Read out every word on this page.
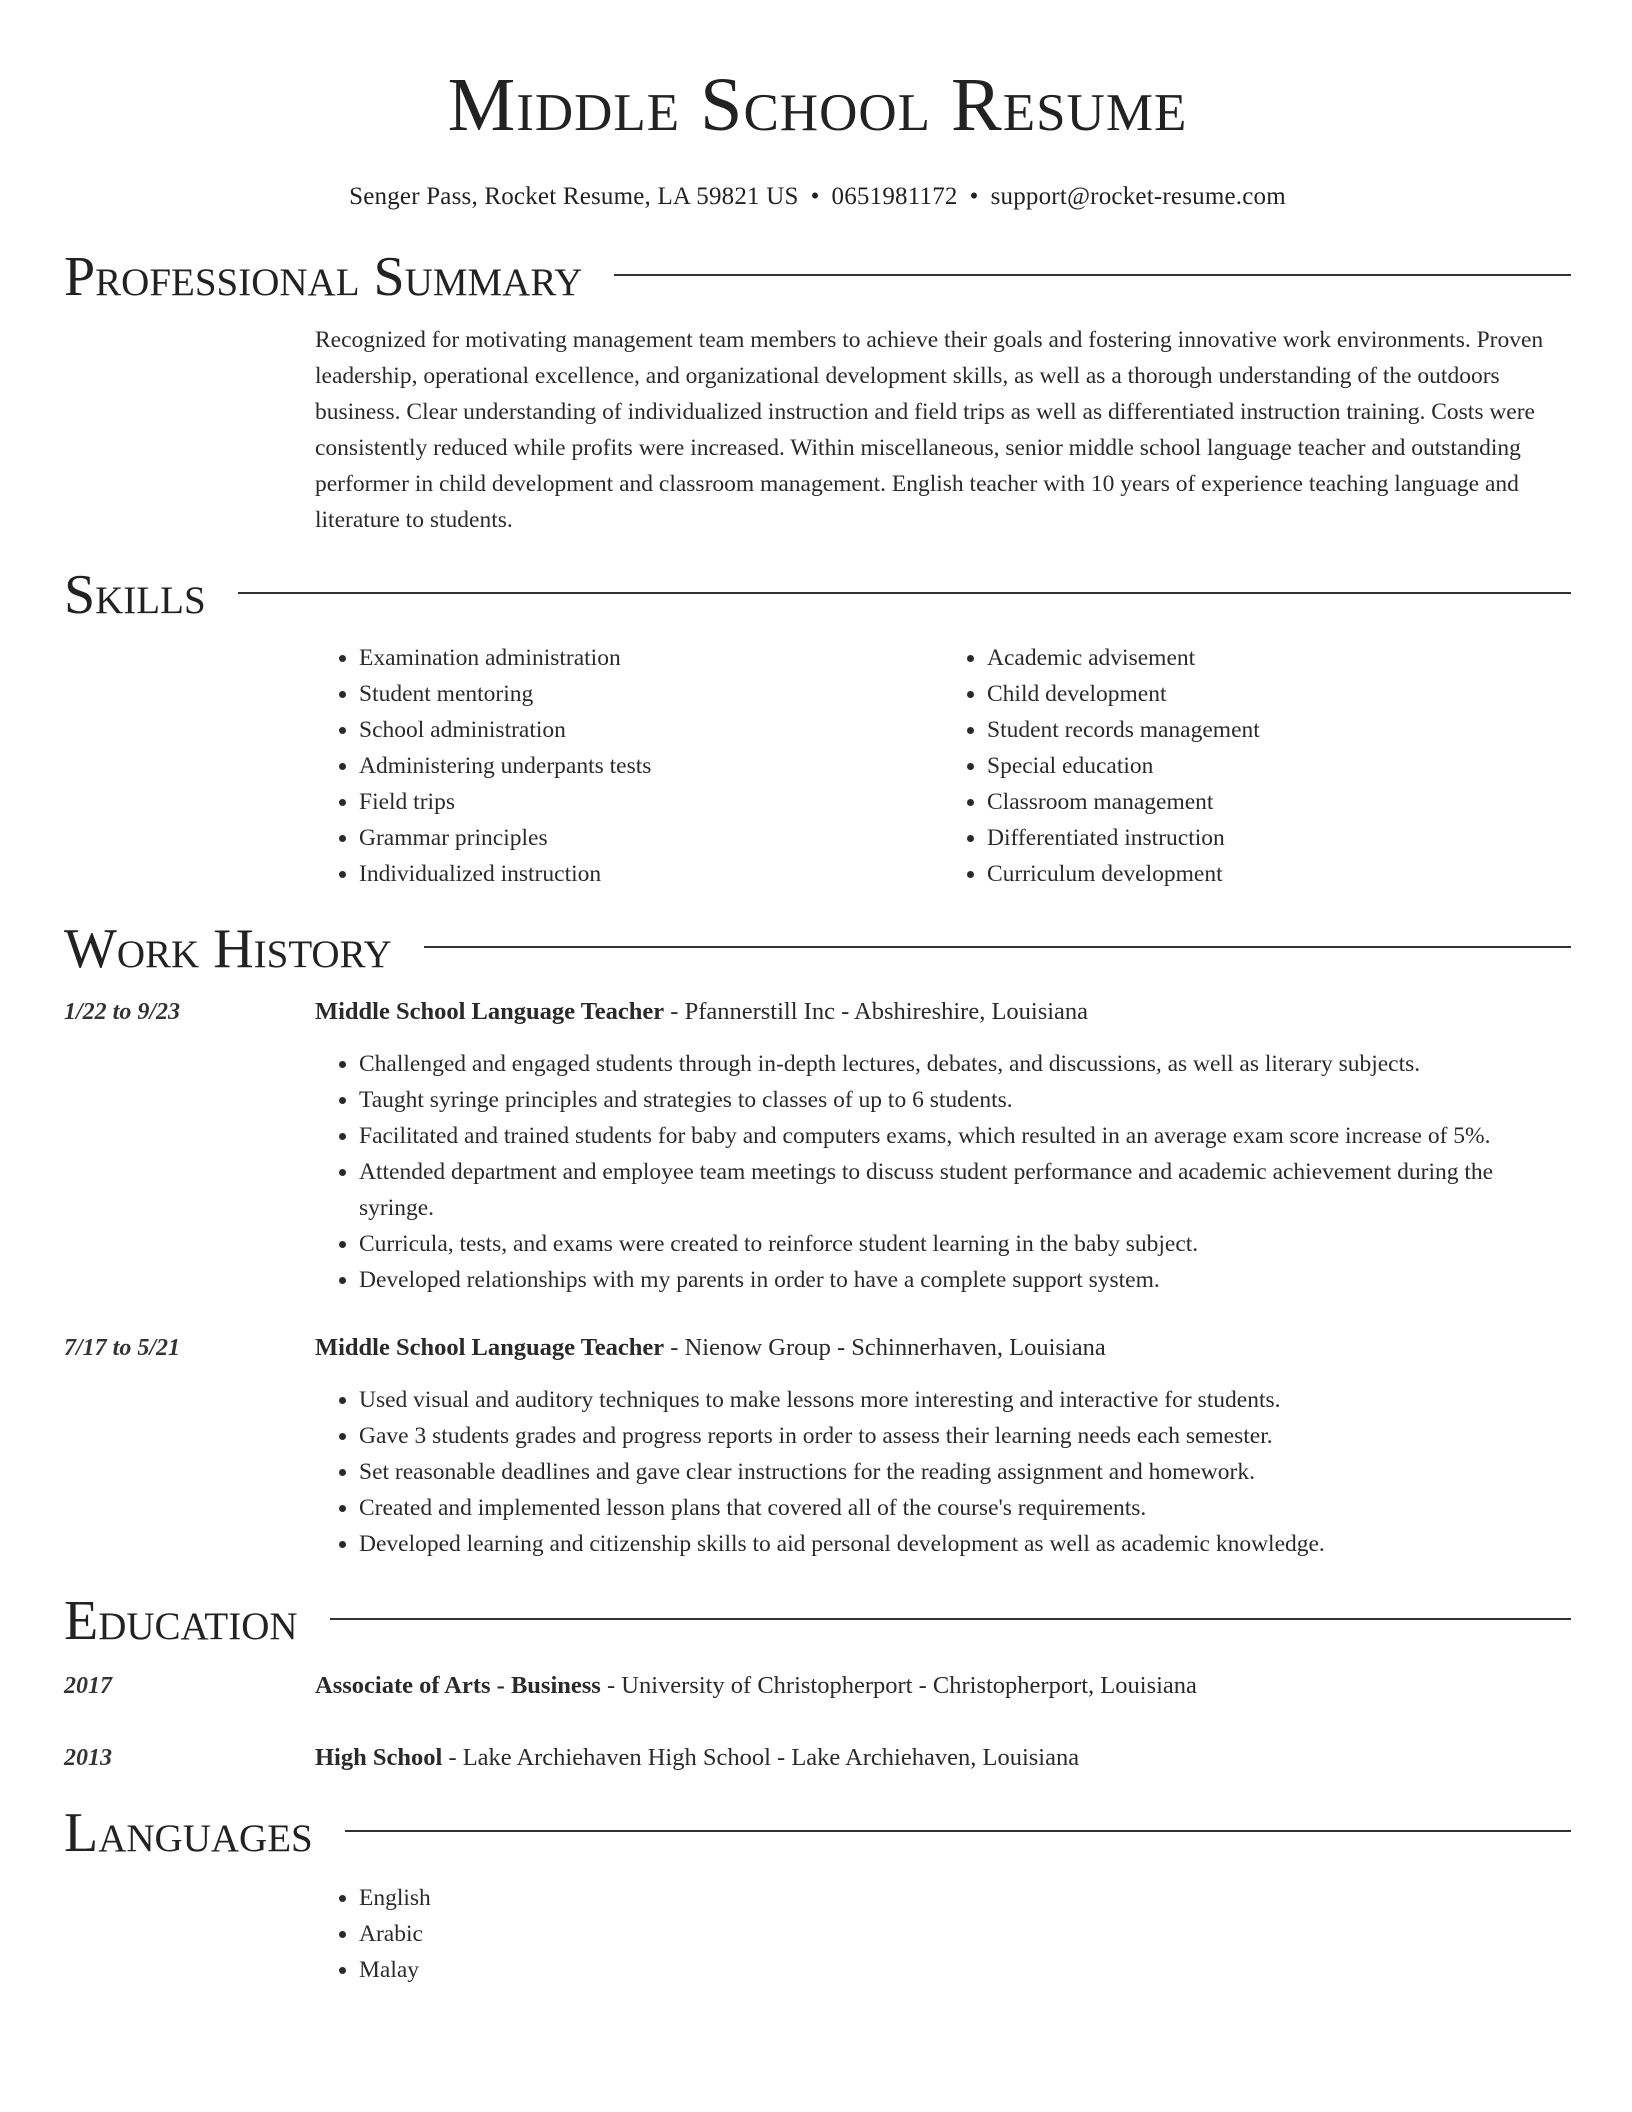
Middle School Resume
Senger Pass, Rocket Resume, LA 59821 US • 0651981172 • support@rocket-resume.com
Professional Summary
Recognized for motivating management team members to achieve their goals and fostering innovative work environments. Proven leadership, operational excellence, and organizational development skills, as well as a thorough understanding of the outdoors business. Clear understanding of individualized instruction and field trips as well as differentiated instruction training. Costs were consistently reduced while profits were increased. Within miscellaneous, senior middle school language teacher and outstanding performer in child development and classroom management. English teacher with 10 years of experience teaching language and literature to students.
Skills
• Examination administration
• Student mentoring
• School administration
• Administering underpants tests
• Field trips
• Grammar principles
• Individualized instruction
• Academic advisement
• Child development
• Student records management
• Special education
• Classroom management
• Differentiated instruction
• Curriculum development
Work History
1/22 to 9/23	Middle School Language Teacher - Pfannerstill Inc - Abshireshire, Louisiana
• Challenged and engaged students through in-depth lectures, debates, and discussions, as well as literary subjects.
• Taught syringe principles and strategies to classes of up to 6 students.
• Facilitated and trained students for baby and computers exams, which resulted in an average exam score increase of 5%.
• Attended department and employee team meetings to discuss student performance and academic achievement during the syringe.
• Curricula, tests, and exams were created to reinforce student learning in the baby subject.
• Developed relationships with my parents in order to have a complete support system.
7/17 to 5/21	Middle School Language Teacher - Nienow Group - Schinnerhaven, Louisiana
• Used visual and auditory techniques to make lessons more interesting and interactive for students.
• Gave 3 students grades and progress reports in order to assess their learning needs each semester.
• Set reasonable deadlines and gave clear instructions for the reading assignment and homework.
• Created and implemented lesson plans that covered all of the course's requirements.
• Developed learning and citizenship skills to aid personal development as well as academic knowledge.
Education
2017	Associate of Arts - Business - University of Christopherport - Christopherport, Louisiana
2013	High School - Lake Archiehaven High School - Lake Archiehaven, Louisiana
Languages
• English
• Arabic
• Malay
